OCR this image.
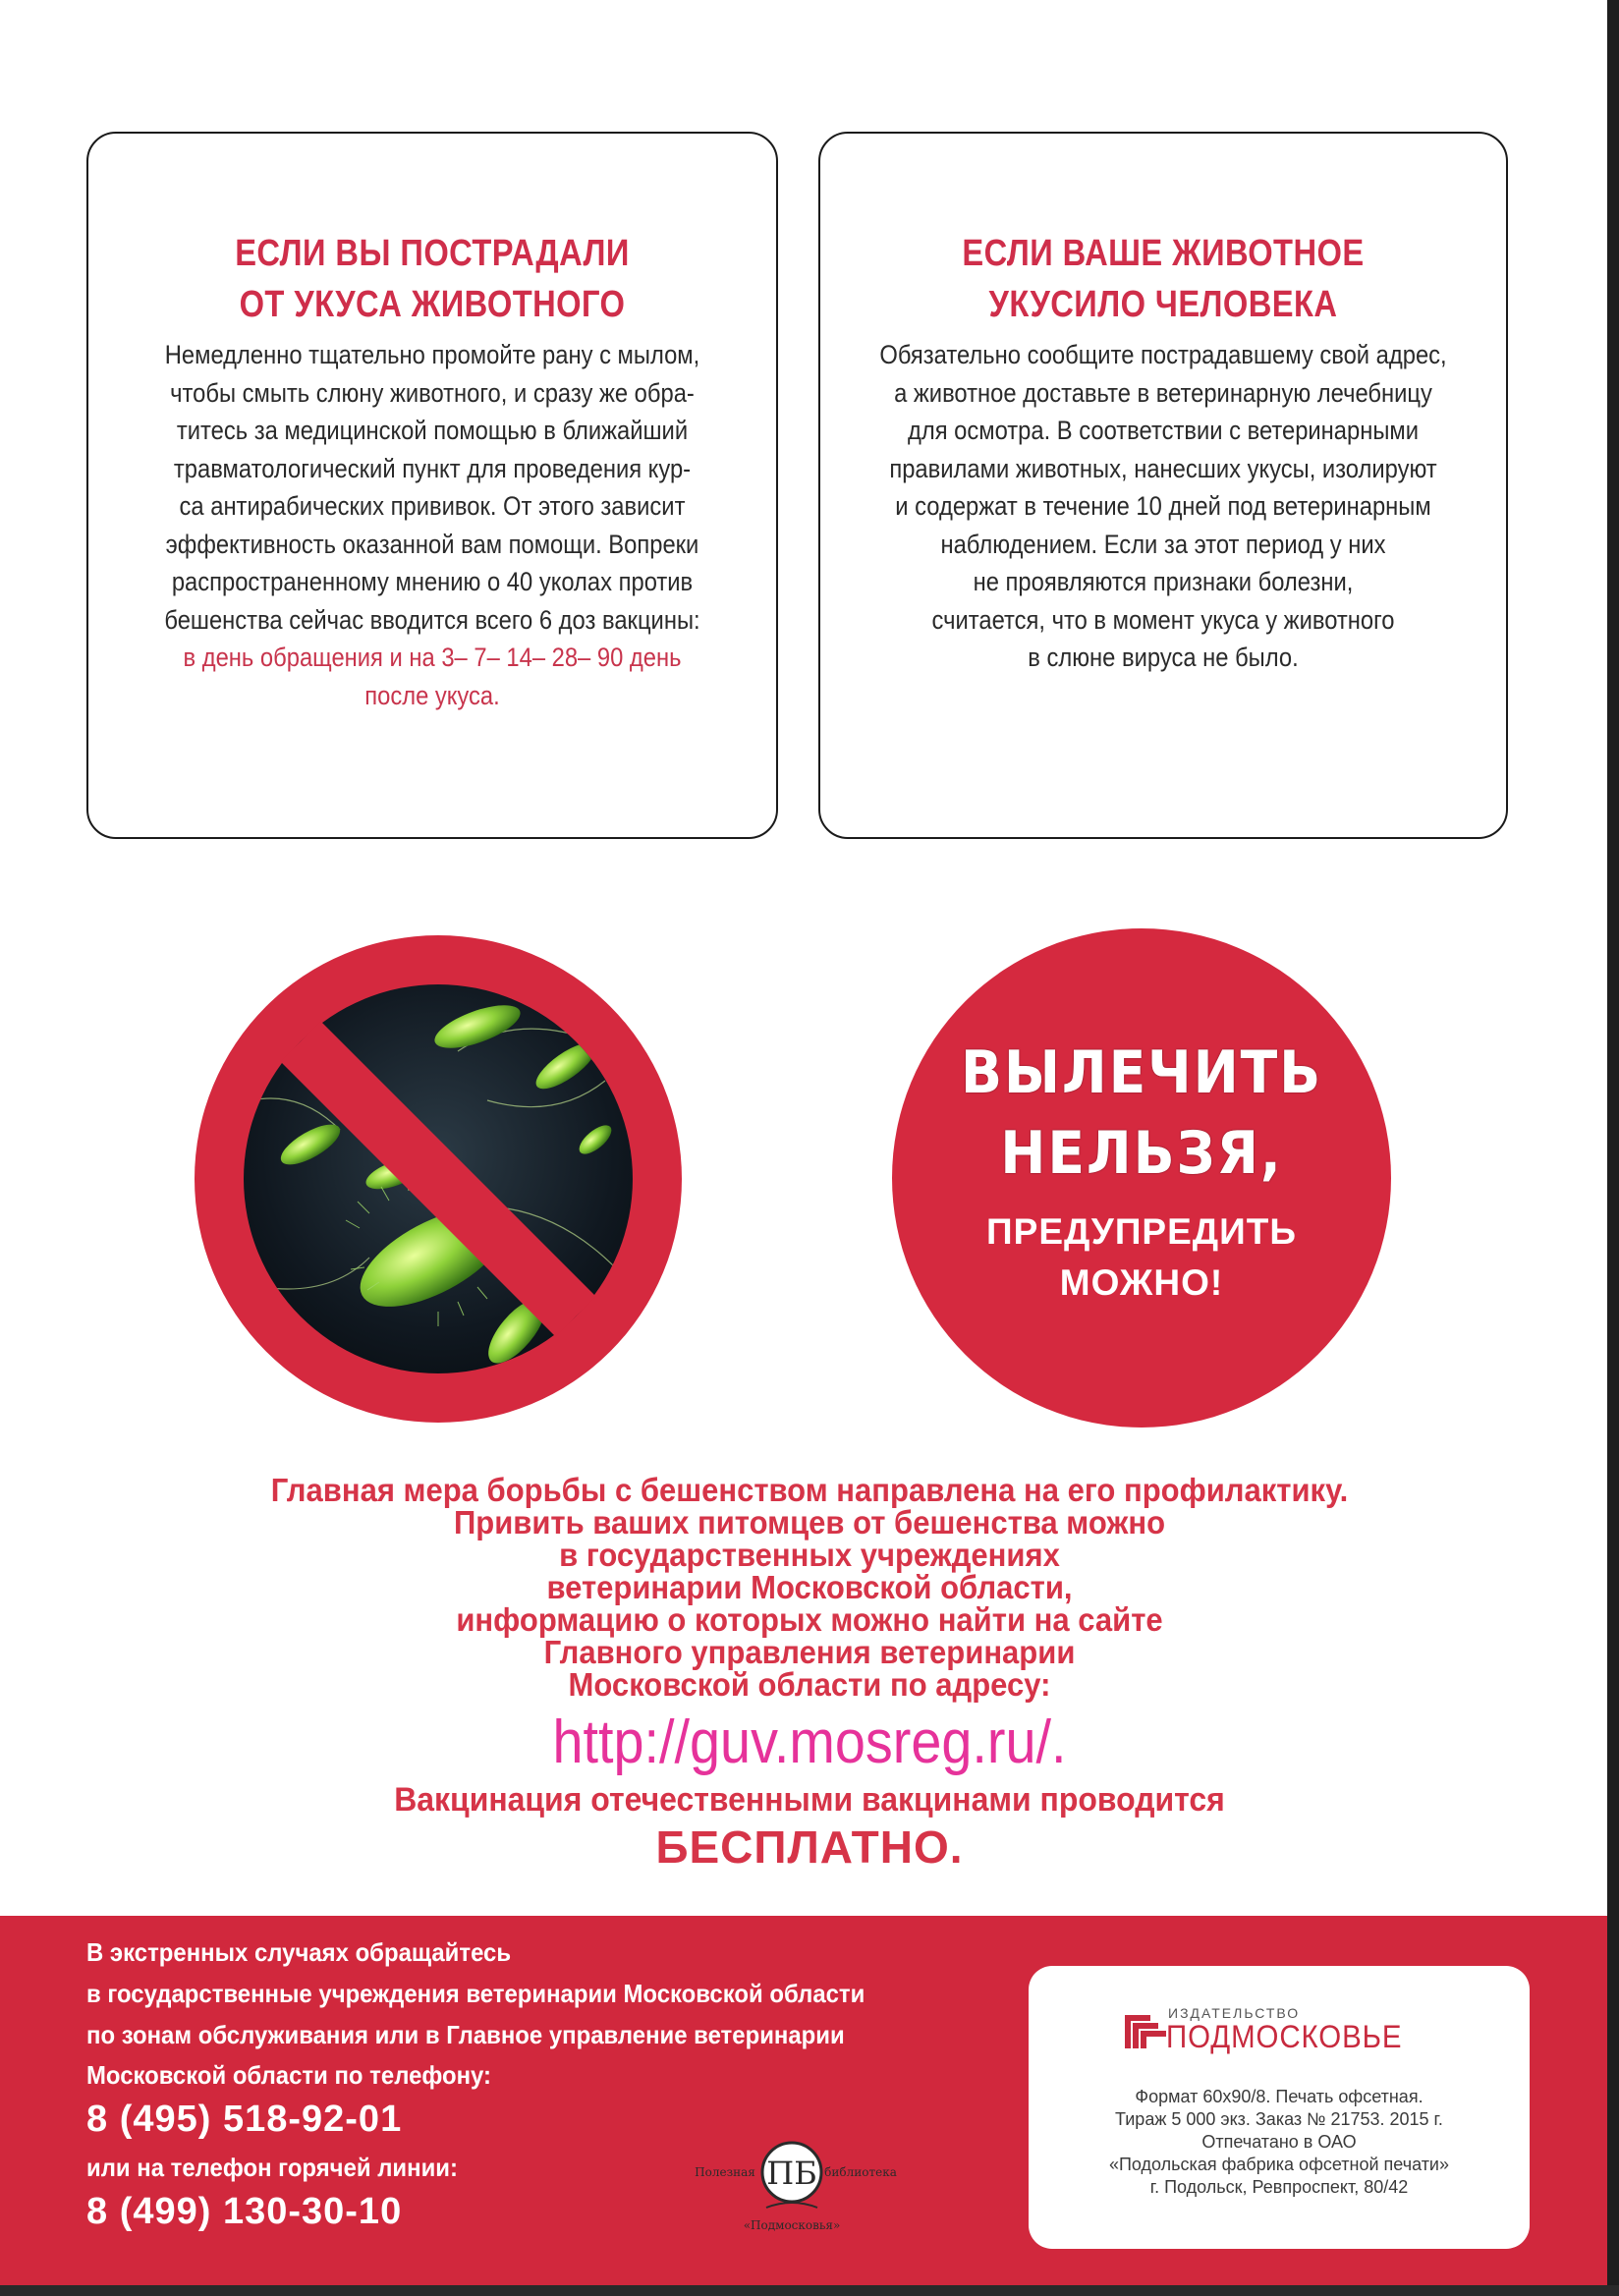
ЕСЛИ ВЫ ПОСТРАДАЛИ
ОТ УКУСА ЖИВОТНОГО
Немедленно тщательно промойте рану с мылом,
чтобы смыть слюну животного, и сразу же обра-
титесь за медицинской помощью в ближайший
травматологический пункт для проведения кур-
са антирабических прививок. От этого зависит
эффективность оказанной вам помощи. Вопреки
распространенному мнению о 40 уколах против
бешенства сейчас вводится всего 6 доз вакцины:
в день обращения и на 3– 7– 14– 28– 90 день
после укуса.
ЕСЛИ ВАШЕ ЖИВОТНОЕ
УКУСИЛО ЧЕЛОВЕКА
Обязательно сообщите пострадавшему свой адрес,
а животное доставьте в ветеринарную лечебницу
для осмотра. В соответствии с ветеринарными
правилами животных, нанесших укусы, изолируют
и содержат в течение 10 дней под ветеринарным
наблюдением. Если за этот период у них
не проявляются признаки болезни,
считается, что в момент укуса у животного
в слюне вируса не было.
ВЫЛЕЧИТЬ
НЕЛЬЗЯ,
ПРЕДУПРЕДИТЬ
МОЖНО!
Главная мера борьбы с бешенством направлена на его профилактику.
Привить ваших питомцев от бешенства можно
в государственных учреждениях
ветеринарии Московской области,
информацию о которых можно найти на сайте
Главного управления ветеринарии
Московской области по адресу:
http://guv.mosreg.ru/.
Вакцинация отечественными вакцинами проводится
БЕСПЛАТНО.
В экстренных случаях обращайтесь
в государственные учреждения ветеринарии Московской области
по зонам обслуживания или в Главное управление ветеринарии
Московской области по телефону:
8 (495) 518-92-01
или на телефон горячей линии:
8 (499) 130-30-10
ПБ
Полезная	библиотека
«Подмосковья»
ИЗДАТЕЛЬСТВО
ПОДМОСКОВЬЕ
Формат 60х90/8. Печать офсетная.
Тираж 5 000 экз. Заказ № 21753. 2015 г.
Отпечатано в ОАО
«Подольская фабрика офсетной печати»
г. Подольск, Ревпроспект, 80/42
